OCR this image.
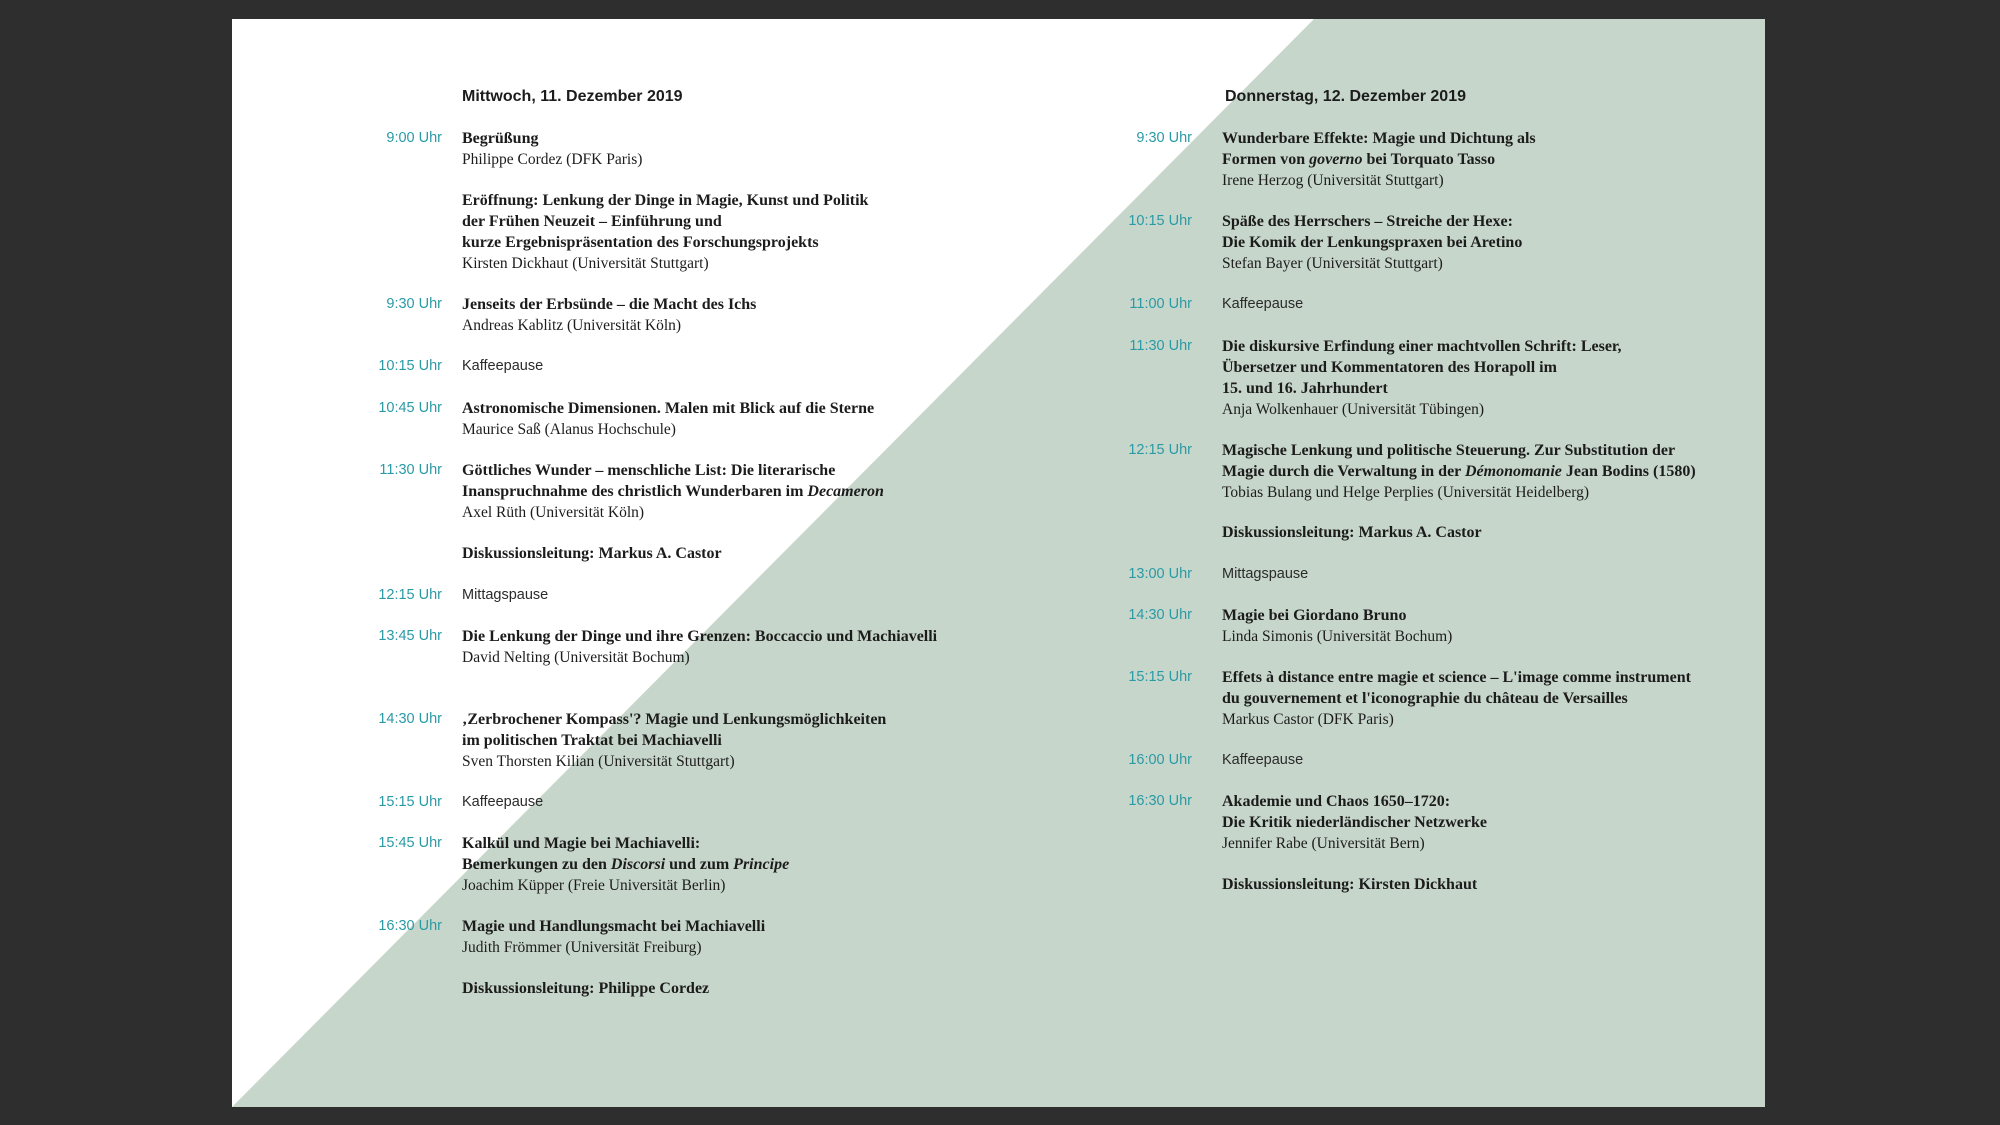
Mittwoch, 11. Dezember 2019
9:00 Uhr Begrüßung
Philippe Cordez (DFK Paris)
Eröffnung: Lenkung der Dinge in Magie, Kunst und Politik
der Frühen Neuzeit – Einführung und
kurze Ergebnispräsentation des Forschungsprojekts
Kirsten Dickhaut (Universität Stuttgart)
9:30 Uhr Jenseits der Erbsünde – die Macht des Ichs
Andreas Kablitz (Universität Köln)
10:15 Uhr Kaffeepause
10:45 Uhr Astronomische Dimensionen. Malen mit Blick auf die Sterne
Maurice Saß (Alanus Hochschule)
11:30 Uhr Göttliches Wunder – menschliche List: Die literarische
Inanspruchnahme des christlich Wunderbaren im Decameron
Axel Rüth (Universität Köln)
Diskussionsleitung: Markus A. Castor
12:15 Uhr Mittagspause
13:45 Uhr Die Lenkung der Dinge und ihre Grenzen: Boccaccio und Machiavelli
David Nelting (Universität Bochum)
14:30 Uhr ‚Zerbrochener Kompass'? Magie und Lenkungsmöglichkeiten
im politischen Traktat bei Machiavelli
Sven Thorsten Kilian (Universität Stuttgart)
15:15 Uhr Kaffeepause
15:45 Uhr Kalkül und Magie bei Machiavelli:
Bemerkungen zu den Discorsi und zum Principe
Joachim Küpper (Freie Universität Berlin)
16:30 Uhr Magie und Handlungsmacht bei Machiavelli
Judith Frömmer (Universität Freiburg)
Diskussionsleitung: Philippe Cordez
Donnerstag, 12. Dezember 2019
9:30 Uhr Wunderbare Effekte: Magie und Dichtung als
Formen von governo bei Torquato Tasso
Irene Herzog (Universität Stuttgart)
10:15 Uhr Späße des Herrschers – Streiche der Hexe:
Die Komik der Lenkungspraxen bei Aretino
Stefan Bayer (Universität Stuttgart)
11:00 Uhr Kaffeepause
11:30 Uhr Die diskursive Erfindung einer machtvollen Schrift: Leser,
Übersetzer und Kommentatoren des Horapoll im
15. und 16. Jahrhundert
Anja Wolkenhauer (Universität Tübingen)
12:15 Uhr Magische Lenkung und politische Steuerung. Zur Substitution der
Magie durch die Verwaltung in der Démonomanie Jean Bodins (1580)
Tobias Bulang und Helge Perplies (Universität Heidelberg)
Diskussionsleitung: Markus A. Castor
13:00 Uhr Mittagspause
14:30 Uhr Magie bei Giordano Bruno
Linda Simonis (Universität Bochum)
15:15 Uhr Effets à distance entre magie et science – L'image comme instrument
du gouvernement et l'iconographie du château de Versailles
Markus Castor (DFK Paris)
16:00 Uhr Kaffeepause
16:30 Uhr Akademie und Chaos 1650–1720:
Die Kritik niederländischer Netzwerke
Jennifer Rabe (Universität Bern)
Diskussionsleitung: Kirsten Dickhaut
